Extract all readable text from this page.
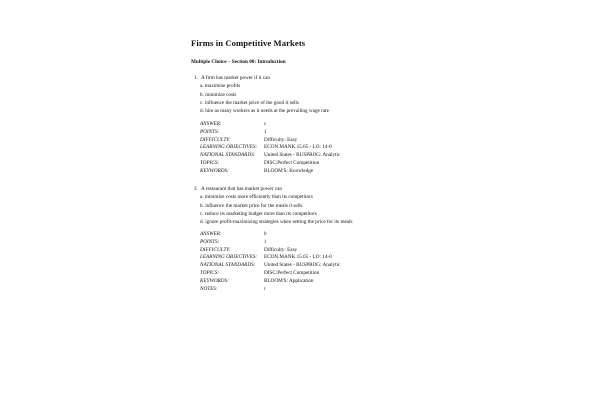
Firms in Competitive Markets
Multiple Choice – Section 00: Introduction
1. A firm has market power if it can
a. maximize profits
b. minimize costs
c. influence the market price of the good it sells
d. hire as many workers as it needs at the prevailing wage rate
ANSWER:	c
POINTS:	1
DIFFICULTY:	Difficulty: Easy
LEARNING OBJECTIVES:	ECON.MANK.15.65 - LO: 14-0
NATIONAL STANDARDS:	United States - BUSPROG: Analytic
TOPICS:	DISC:Perfect Competition
KEYWORDS:	BLOOM'S: Knowledge
2. A restaurant that has market power can
a. minimize costs more efficiently than its competitors
b. influence the market price for the meals it sells
c. reduce its marketing budget more than its competitors
d. ignore profit-maximizing strategies when setting the price for its meals
ANSWER:	b
POINTS:	1
DIFFICULTY:	Difficulty: Easy
LEARNING OBJECTIVES:	ECON.MANK.15.65 - LO: 14-0
NATIONAL STANDARDS:	United States - BUSPROG: Analytic
TOPICS:	DISC:Perfect Competition
KEYWORDS:	BLOOM'S: Application
NOTES:	r
